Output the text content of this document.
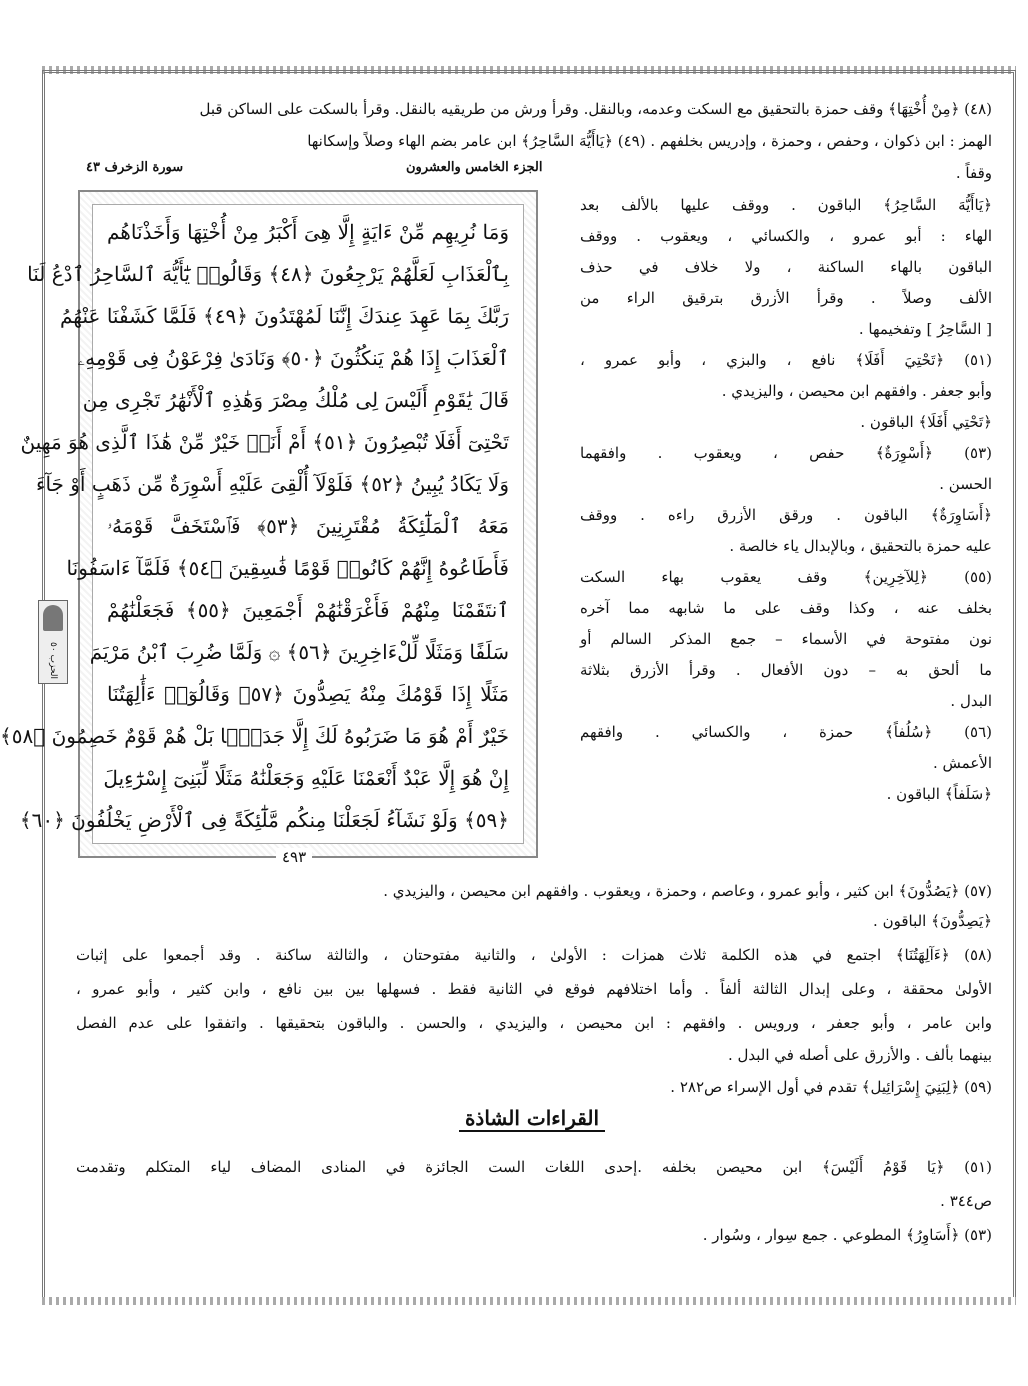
الحزب ٥٠
(٤٨) ﴿مِنْ أُخْتِهَا﴾ وقف حمزة بالتحقيق مع السكت وعدمه، وبالنقل. وقرأ ورش من طريقيه بالنقل. وقرأ بالسكت على الساكن قبل
الهمز : ابن ذكوان ، وحفص ، وحمزة ، وإدريس بخلفهم . (٤٩) ﴿يَاأَيُّهَ السَّاحِرُ﴾ ابن عامر بضم الهاء وصلاً وإسكانها
وقفاً .
الجزء الخامس والعشرون
سورة الزخرف ٤٣
وَمَا نُرِيهِم مِّنْ ءَايَةٍ إِلَّا هِىَ أَكْبَرُ مِنْ أُخْتِهَا وَأَخَذْنَاهُم
بِٱلْعَذَابِ لَعَلَّهُمْ يَرْجِعُونَ ﴿٤٨﴾ وَقَالُوا۟ يَٰٓأَيُّهَ ٱلسَّاحِرُ ٱدْعُ لَنَا
رَبَّكَ بِمَا عَهِدَ عِندَكَ إِنَّنَا لَمُهْتَدُونَ ﴿٤٩﴾ فَلَمَّا كَشَفْنَا عَنْهُمُ
ٱلْعَذَابَ إِذَا هُمْ يَنكُثُونَ ﴿٥٠﴾ وَنَادَىٰ فِرْعَوْنُ فِى قَوْمِهِۦ
قَالَ يَٰقَوْمِ أَلَيْسَ لِى مُلْكُ مِصْرَ وَهَٰذِهِ ٱلْأَنْهَٰرُ تَجْرِى مِن
تَحْتِىٓ أَفَلَا تُبْصِرُونَ ﴿٥١﴾ أَمْ أَنَا۠ خَيْرٌ مِّنْ هَٰذَا ٱلَّذِى هُوَ مَهِينٌ
وَلَا يَكَادُ يُبِينُ ﴿٥٢﴾ فَلَوْلَآ أُلْقِىَ عَلَيْهِ أَسْوِرَةٌ مِّن ذَهَبٍ أَوْ جَآءَ
مَعَهُ ٱلْمَلَٰٓئِكَةُ مُقْتَرِنِينَ ﴿٥٣﴾ فَٱسْتَخَفَّ قَوْمَهُۥ
فَأَطَاعُوهُ إِنَّهُمْ كَانُوا۟ قَوْمًا فَٰسِقِينَ ﴿٥٤﴾ فَلَمَّآ ءَاسَفُونَا
ٱنتَقَمْنَا مِنْهُمْ فَأَغْرَقْنَٰهُمْ أَجْمَعِينَ ﴿٥٥﴾ فَجَعَلْنَٰهُمْ
سَلَفًا وَمَثَلًا لِّلْءَاخِرِينَ ﴿٥٦﴾ ۞ وَلَمَّا ضُرِبَ ٱبْنُ مَرْيَمَ
مَثَلًا إِذَا قَوْمُكَ مِنْهُ يَصِدُّونَ ﴿٥٧﴾ وَقَالُوٓا۟ ءَأَٰلِهَتُنَا
خَيْرٌ أَمْ هُوَ مَا ضَرَبُوهُ لَكَ إِلَّا جَدَلًۢا بَلْ هُمْ قَوْمٌ خَصِمُونَ ﴿٥٨﴾
إِنْ هُوَ إِلَّا عَبْدٌ أَنْعَمْنَا عَلَيْهِ وَجَعَلْنَٰهُ مَثَلًا لِّبَنِىٓ إِسْرَٰٓءِيلَ
﴿٥٩﴾ وَلَوْ نَشَآءُ لَجَعَلْنَا مِنكُم مَّلَٰٓئِكَةً فِى ٱلْأَرْضِ يَخْلُفُونَ ﴿٦٠﴾
٤٩٣
﴿يَاأَيُّهَ السَّاحِرُ﴾ الباقون . ووقف عليها بالألف بعد
الهاء : أبو عمرو ، والكسائي ، ويعقوب . ووقف
الباقون بالهاء الساكنة ، ولا خلاف في حذف
الألف وصلاً . وقرأ الأزرق بترقيق الراء من
[ السَّاحِرُ ] وتفخيمها .
(٥١) ﴿تَحْتِيَ أَفَلَا﴾ نافع ، والبزي ، وأبو عمرو ،
وأبو جعفر . وافقهم ابن محيصن ، واليزيدي .
﴿تَحْتِي أَفَلَا﴾ الباقون .
(٥٣) ﴿أَسْوِرَةٌ﴾ حفص ، ويعقوب . وافقهما
الحسن .
﴿أَسَاوِرَةٌ﴾ الباقون . ورقق الأزرق راءه . ووقف
عليه حمزة بالتحقيق ، وبالإبدال ياء خالصة .
(٥٥) ﴿لِلآخِرِين﴾ وقف يعقوب بهاء السكت
بخلف عنه ، وكذا وقف على ما شابهه مما آخره
نون مفتوحة في الأسماء – جمع المذكر السالم أو
ما ألحق به – دون الأفعال . وقرأ الأزرق بثلاثة
البدل .
(٥٦) ﴿سُلُفاً﴾ حمزة ، والكسائي . وافقهم
الأعمش .
﴿سَلَفاً﴾ الباقون .
(٥٧) ﴿يَصُدُّونَ﴾ ابن كثير ، وأبو عمرو ، وعاصم ، وحمزة ، ويعقوب . وافقهم ابن محيصن ، واليزيدي .
﴿يَصِدُّونَ﴾ الباقون .
(٥٨) ﴿ءَآلِهَتُنَا﴾ اجتمع في هذه الكلمة ثلاث همزات : الأولىٰ ، والثانية مفتوحتان ، والثالثة ساكنة . وقد أجمعوا على إثبات
الأولىٰ محققة ، وعلى إبدال الثالثة ألفاً . وأما اختلافهم فوقع في الثانية فقط . فسهلها بين بين نافع ، وابن كثير ، وأبو عمرو ،
وابن عامر ، وأبو جعفر ، ورويس . وافقهم : ابن محيصن ، واليزيدي ، والحسن . والباقون بتحقيقها . واتفقوا على عدم الفصل
بينهما بألف . والأزرق على أصله في البدل .
(٥٩) ﴿لِبَنِيَ إِسْرَائِيل﴾ تقدم في أول الإسراء ص٢٨٢ .
القراءات الشاذة
(٥١) ﴿يَا قَوْمُ أَلَيْسَ﴾ ابن محيصن بخلفه .إحدى اللغات الست الجائزة في المنادى المضاف لياء المتكلم وتقدمت
ص٣٤٤ .
(٥٣) ﴿أَسَاوِرُ﴾ المطوعي . جمع سِوار ، وسُوار .
